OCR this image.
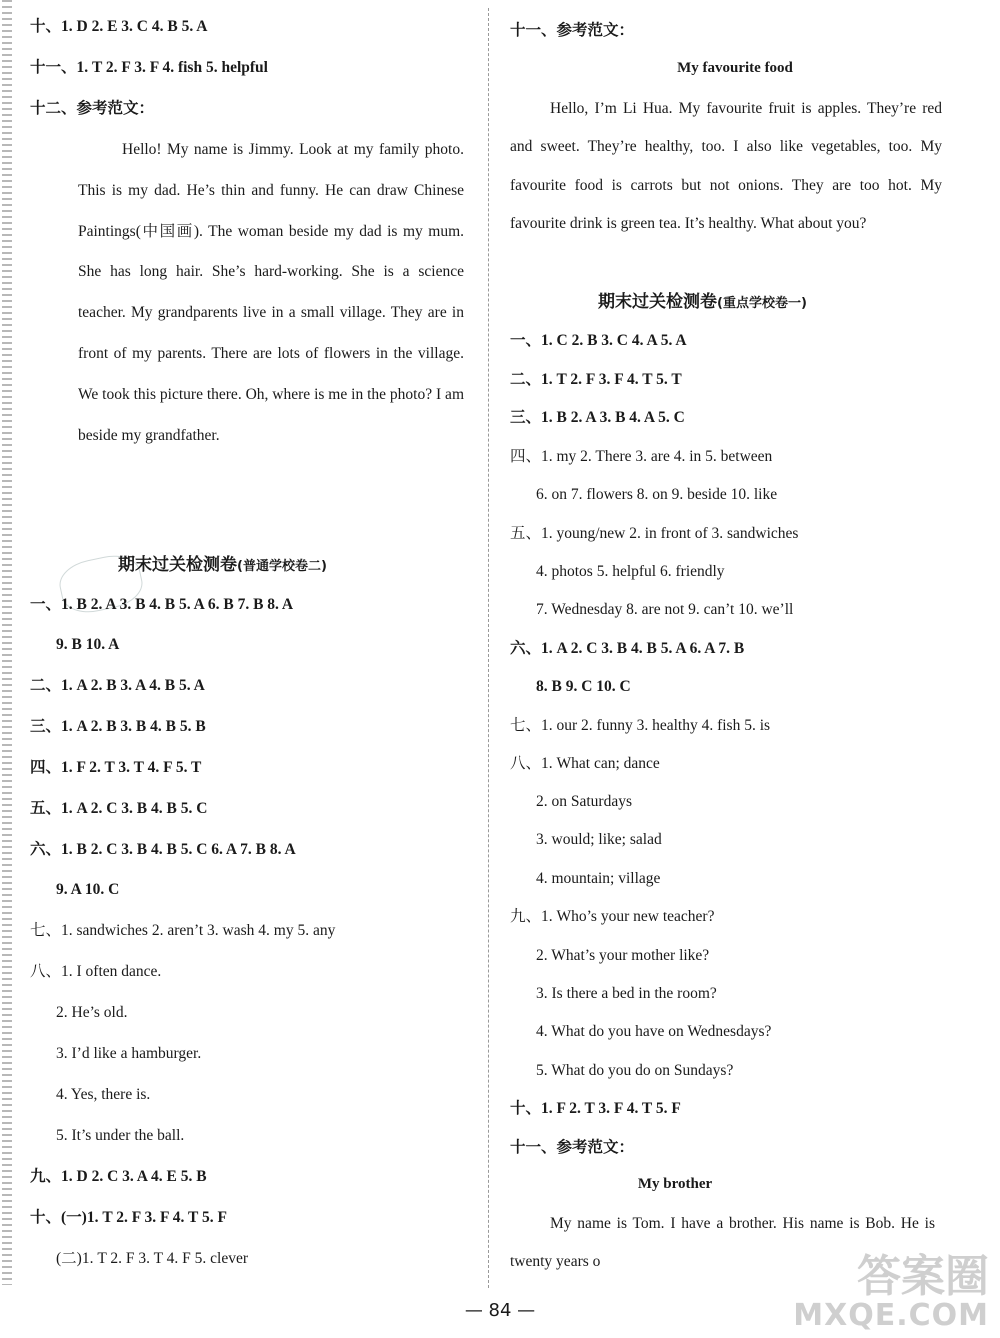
十、1. D 2. E 3. C 4. B 5. A
十一、1. T 2. F 3. F 4. fish 5. helpful
十二、参考范文：
Hello! My name is Jimmy. Look at my family photo. This is my dad. He’s thin and funny. He can draw Chinese Paintings(中国画). The woman beside my dad is my mum. She has long hair. She’s hard-working. She is a science teacher. My grandparents live in a small village. They are in front of my parents. There are lots of flowers in the village. We took this picture there. Oh, where is me in the photo? I am beside my grandfather.
期末过关检测卷(普通学校卷二)
一、1. B 2. A 3. B 4. B 5. A 6. B 7. B 8. A
9. B 10. A
二、1. A 2. B 3. A 4. B 5. A
三、1. A 2. B 3. B 4. B 5. B
四、1. F 2. T 3. T 4. F 5. T
五、1. A 2. C 3. B 4. B 5. C
六、1. B 2. C 3. B 4. B 5. C 6. A 7. B 8. A
9. A 10. C
七、1. sandwiches 2. aren’t 3. wash 4. my 5. any
八、1. I often dance.
2. He’s old.
3. I’d like a hamburger.
4. Yes, there is.
5. It’s under the ball.
九、1. D 2. C 3. A 4. E 5. B
十、(一)1. T 2. F 3. F 4. T 5. F
(二)1. T 2. F 3. T 4. F 5. clever
十一、参考范文：
My favourite food
Hello, I’m Li Hua. My favourite fruit is apples. They’re red and sweet. They’re healthy, too. I also like vegetables, too. My favourite food is carrots but not onions. They are too hot. My favourite drink is green tea. It’s healthy. What about you?
期末过关检测卷(重点学校卷一)
一、1. C 2. B 3. C 4. A 5. A
二、1. T 2. F 3. F 4. T 5. T
三、1. B 2. A 3. B 4. A 5. C
四、1. my 2. There 3. are 4. in 5. between
6. on 7. flowers 8. on 9. beside 10. like
五、1. young/new 2. in front of 3. sandwiches
4. photos 5. helpful 6. friendly
7. Wednesday 8. are not 9. can’t 10. we’ll
六、1. A 2. C 3. B 4. B 5. A 6. A 7. B
8. B 9. C 10. C
七、1. our 2. funny 3. healthy 4. fish 5. is
八、1. What can; dance
2. on Saturdays
3. would; like; salad
4. mountain; village
九、1. Who’s your new teacher?
2. What’s your mother like?
3. Is there a bed in the room?
4. What do you have on Wednesdays?
5. What do you do on Sundays?
十、1. F 2. T 3. F 4. T 5. F
十一、参考范文：
My brother
My name is Tom. I have a brother. His name is Bob. He is twenty years o
— 84 —
答案圈
MXQE.COM
